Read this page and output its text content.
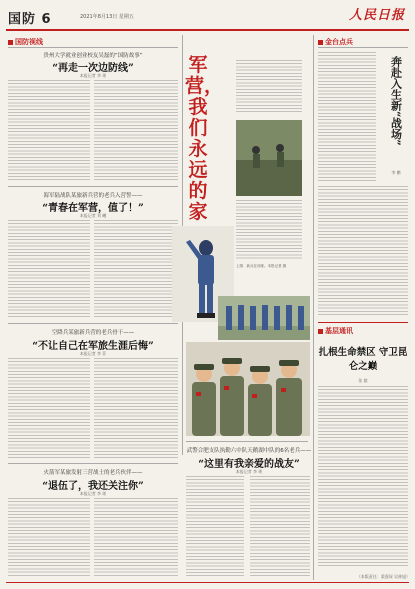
国防 6	2021年8月13日 星期五	人民日报
国防视线
贵州大学就业创业校友吴磊的“国防故事”
“再走一次边防线”
本报记者 李 瑶
海军陆战队某旅新兵营的老兵入营誓——
“青春在军营，值了！”
本报记者 刘 曦
空降兵某旅新兵营的老兵骨干——
“不让自己在军旅生涯后悔”
本报记者 李 菲
火箭军某旅发射三营战士的老兵伙伴——
“退伍了，我还关注你”
本报记者 李 瑶
军营，我们永远的家
上图：新兵在训练。本报记者 摄
武警合肥支队执勤六中队天鹅湖中队的6名老兵——
“这里有我亲爱的战友”
本报记者 李 瑶
金台点兵
奔赴入生新“战场”
李 鹏
基层通讯
扎根生命禁区 守卫昆仑之巅
张 毅
（本版责任：梁嘉琛 吴林旭）
